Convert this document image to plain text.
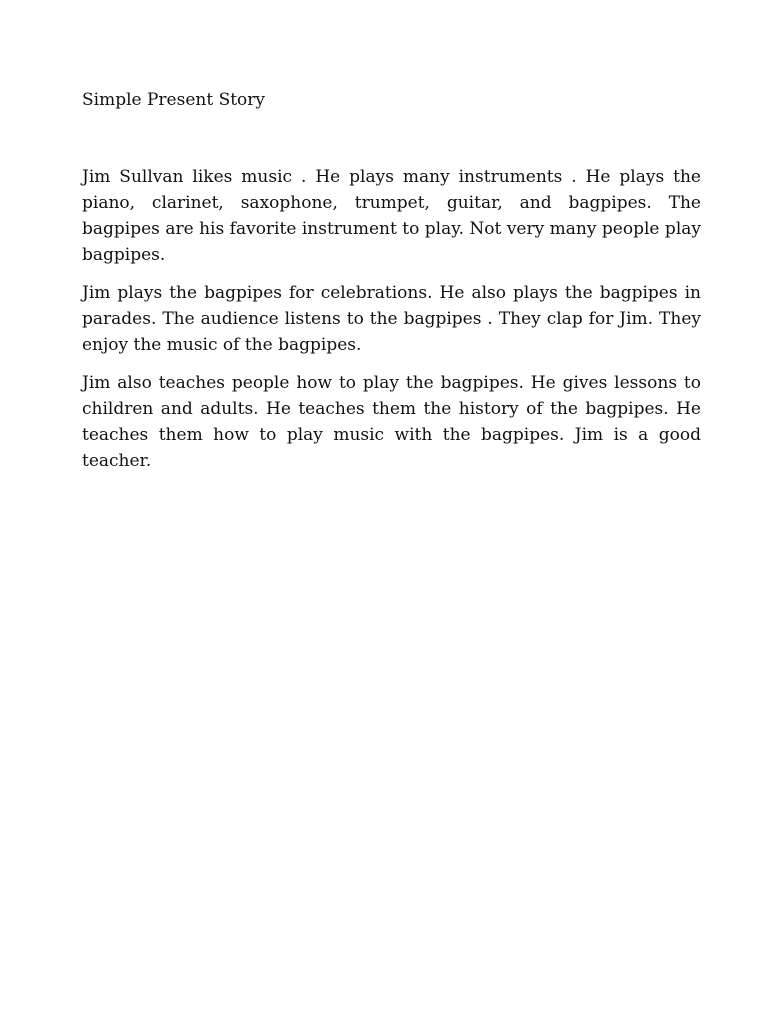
Simple Present Story

Jim Sullvan likes music . He plays many instruments . He plays the piano, clarinet, saxophone, trumpet, guitar, and bagpipes. The bagpipes are his favorite instrument to play. Not very many people play bagpipes.

Jim plays the bagpipes for celebrations. He also plays the bagpipes in parades. The audience listens to the bagpipes . They clap for Jim. They enjoy the music of the bagpipes.

Jim also teaches people how to play the bagpipes. He gives lessons to children and adults. He teaches them the history of the bagpipes. He teaches them how to play music with the bagpipes. Jim is a good teacher.
